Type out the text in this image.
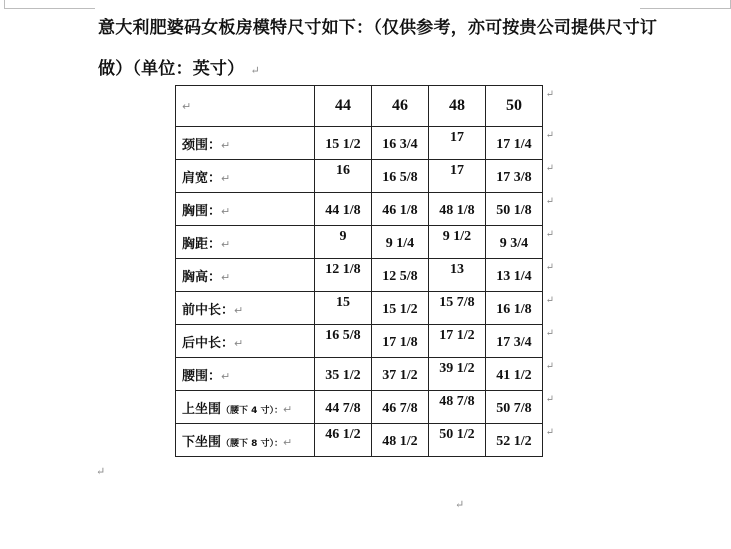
意大利肥婆码女板房模特尺寸如下：（仅供参考，亦可按贵公司提供尺寸订
做）（单位：英寸） ↵
↵	44	46	48	50
↵

颈围：↵	15 1/2	16 3/4	17	17 1/4
↵

肩宽：↵	16	16 5/8	17	17 3/8
↵

胸围：↵	44 1/8	46 1/8	48 1/8	50 1/8
↵

胸距：↵	9	9 1/4	9 1/2	9 3/4
↵

胸高：↵	12 1/8	12 5/8	13	13 1/4
↵

前中长：↵	15	15 1/2	15 7/8	16 1/8
↵

后中长：↵	16 5/8	17 1/8	17 1/2	17 3/4
↵

腰围：↵	35 1/2	37 1/2	39 1/2	41 1/2
↵

上坐围（腰下 4 寸）：↵	44 7/8	46 7/8	48 7/8	50 7/8
↵

下坐围（腰下 8 寸）：↵	46 1/2	48 1/2	50 1/2	52 1/2
↵
↵
↵
